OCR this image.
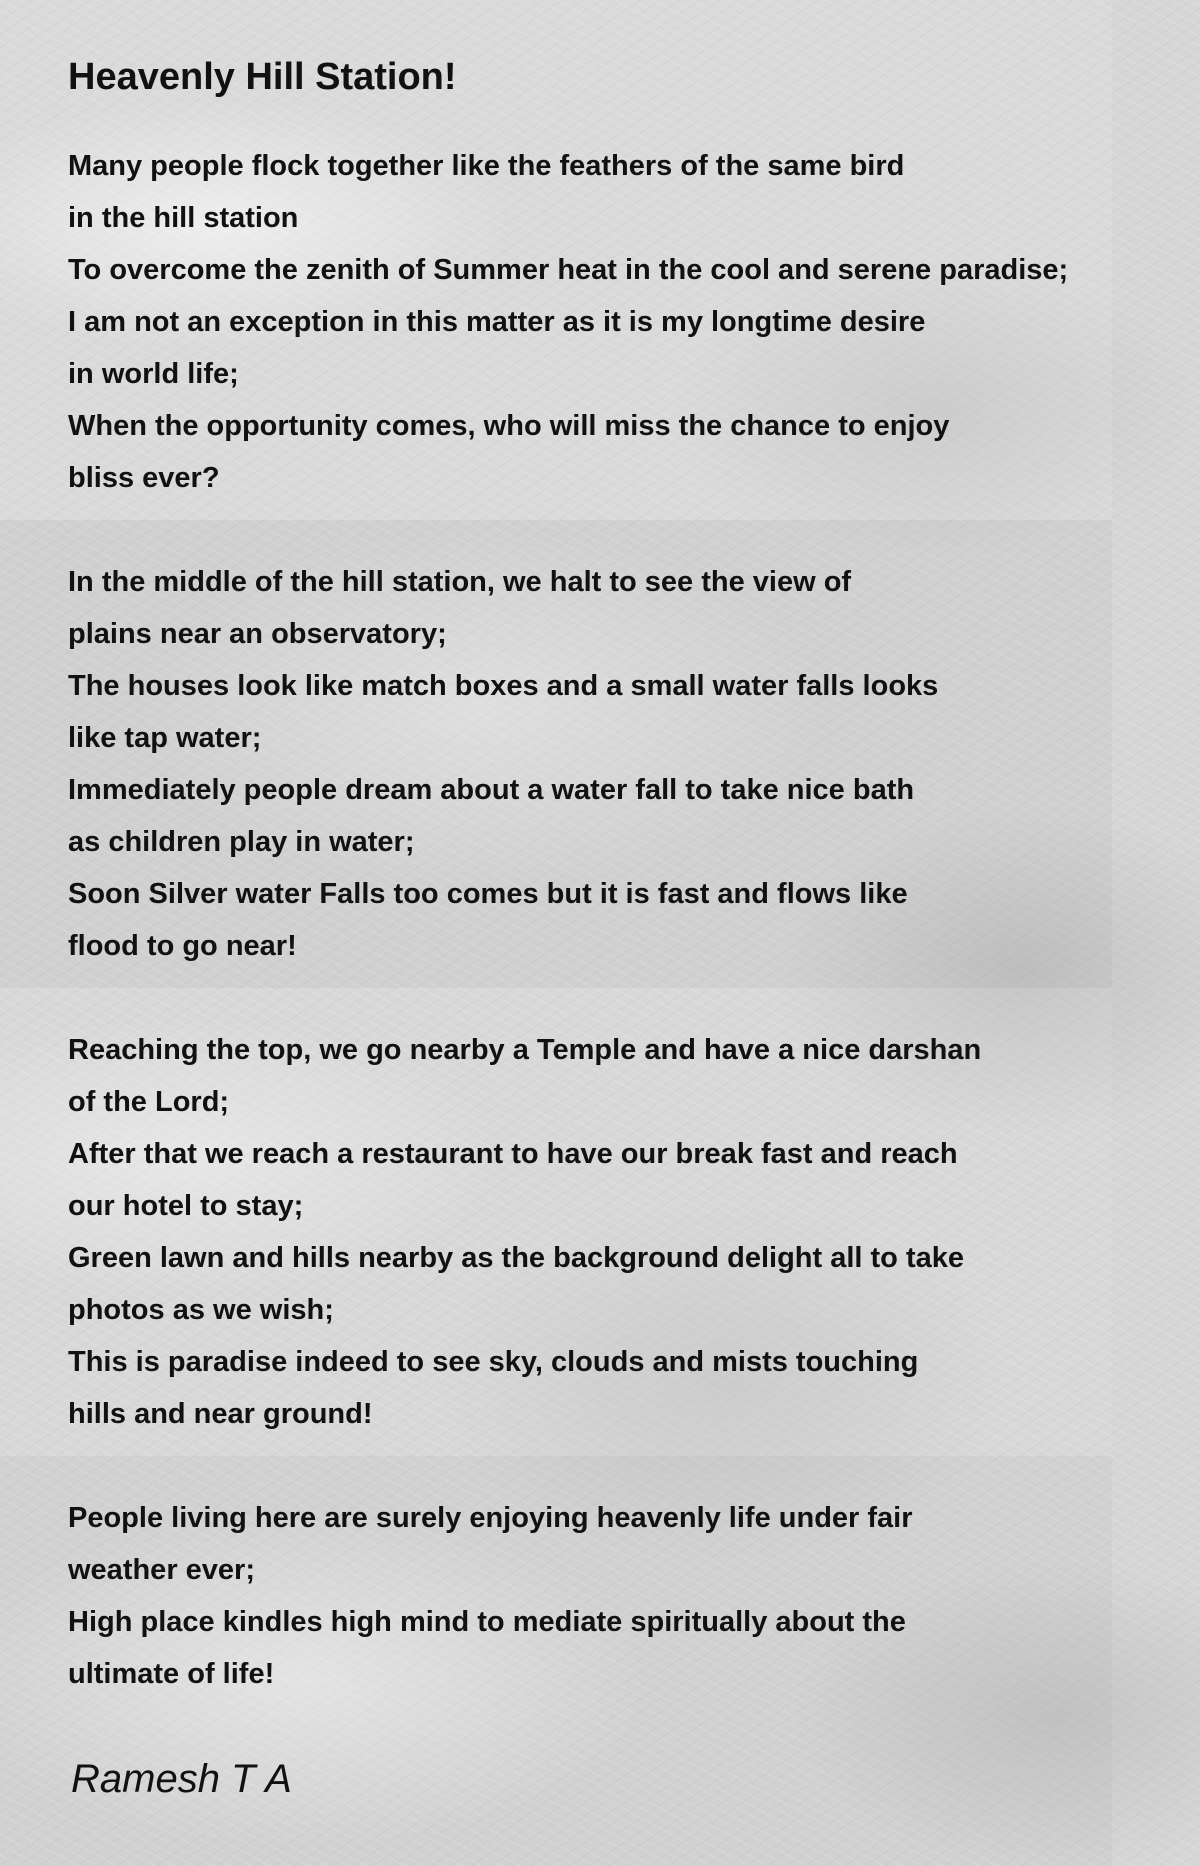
Heavenly Hill Station!
Many people flock together like the feathers of the same bird
in the hill station
To overcome the zenith of Summer heat in the cool and serene paradise;
I am not an exception in this matter as it is my longtime desire
in world life;
When the opportunity comes, who will miss the chance to enjoy
bliss ever?
In the middle of the hill station, we halt to see the view of
plains near an observatory;
The houses look like match boxes and a small water falls looks
like tap water;
Immediately people dream about a water fall to take nice bath
as children play in water;
Soon Silver water Falls too comes but it is fast and flows like
flood to go near!
Reaching the top, we go nearby a Temple and have a nice darshan
of the Lord;
After that we reach a restaurant to have our break fast and reach
our hotel to stay;
Green lawn and hills nearby as the background delight all to take
photos as we wish;
This is paradise indeed to see sky, clouds and mists touching
hills and near ground!
People living here are surely enjoying heavenly life under fair
weather ever;
High place kindles high mind to mediate spiritually about the
ultimate of life!
Ramesh T A
